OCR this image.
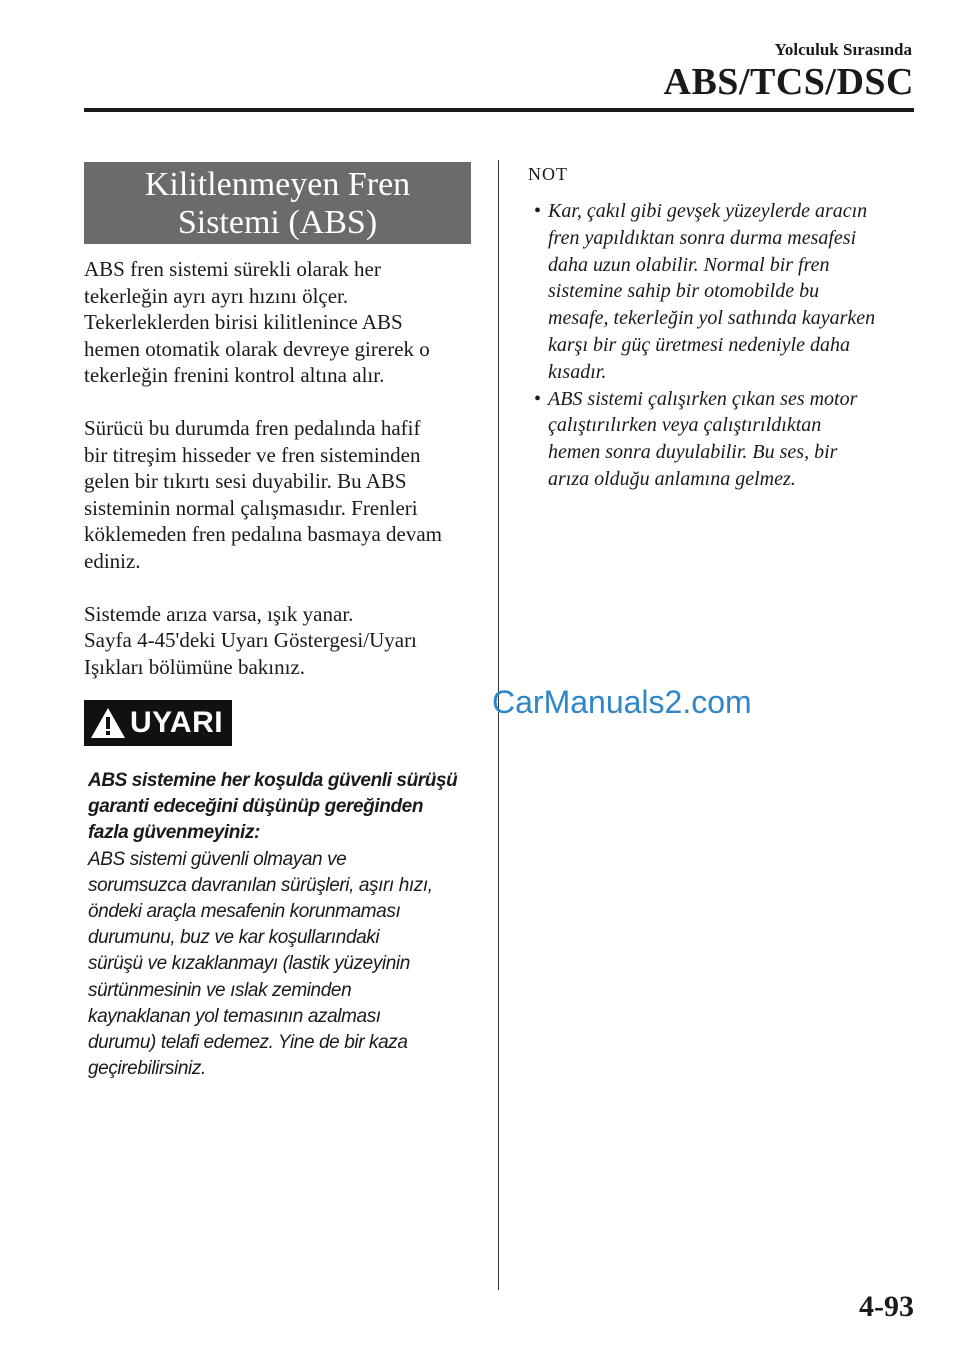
Yolculuk Sırasında
ABS/TCS/DSC
Kilitlenmeyen Fren
Sistemi (ABS)
ABS fren sistemi sürekli olarak her
tekerleğin ayrı ayrı hızını ölçer.
Tekerleklerden birisi kilitlenince ABS
hemen otomatik olarak devreye girerek o
tekerleğin frenini kontrol altına alır.
Sürücü bu durumda fren pedalında hafif
bir titreşim hisseder ve fren sisteminden
gelen bir tıkırtı sesi duyabilir. Bu ABS
sisteminin normal çalışmasıdır. Frenleri
köklemeden fren pedalına basmaya devam
ediniz.
Sistemde arıza varsa, ışık yanar.
Sayfa 4-45'deki Uyarı Göstergesi/Uyarı
Işıkları bölümüne bakınız.
UYARI
ABS sistemine her koşulda güvenli sürüşü
garanti edeceğini düşünüp gereğinden
fazla güvenmeyiniz:
ABS sistemi güvenli olmayan ve
sorumsuzca davranılan sürüşleri, aşırı hızı,
öndeki araçla mesafenin korunmaması
durumunu, buz ve kar koşullarındaki
sürüşü ve kızaklanmayı (lastik yüzeyinin
sürtünmesinin ve ıslak zeminden
kaynaklanan yol temasının azalması
durumu) telafi edemez. Yine de bir kaza
geçirebilirsiniz.
NOT
• Kar, çakıl gibi gevşek yüzeylerde aracın
fren yapıldıktan sonra durma mesafesi
daha uzun olabilir. Normal bir fren
sistemine sahip bir otomobilde bu
mesafe, tekerleğin yol sathında kayarken
karşı bir güç üretmesi nedeniyle daha
kısadır.
• ABS sistemi çalışırken çıkan ses motor
çalıştırılırken veya çalıştırıldıktan
hemen sonra duyulabilir. Bu ses, bir
arıza olduğu anlamına gelmez.
CarManuals2.com
4-93
